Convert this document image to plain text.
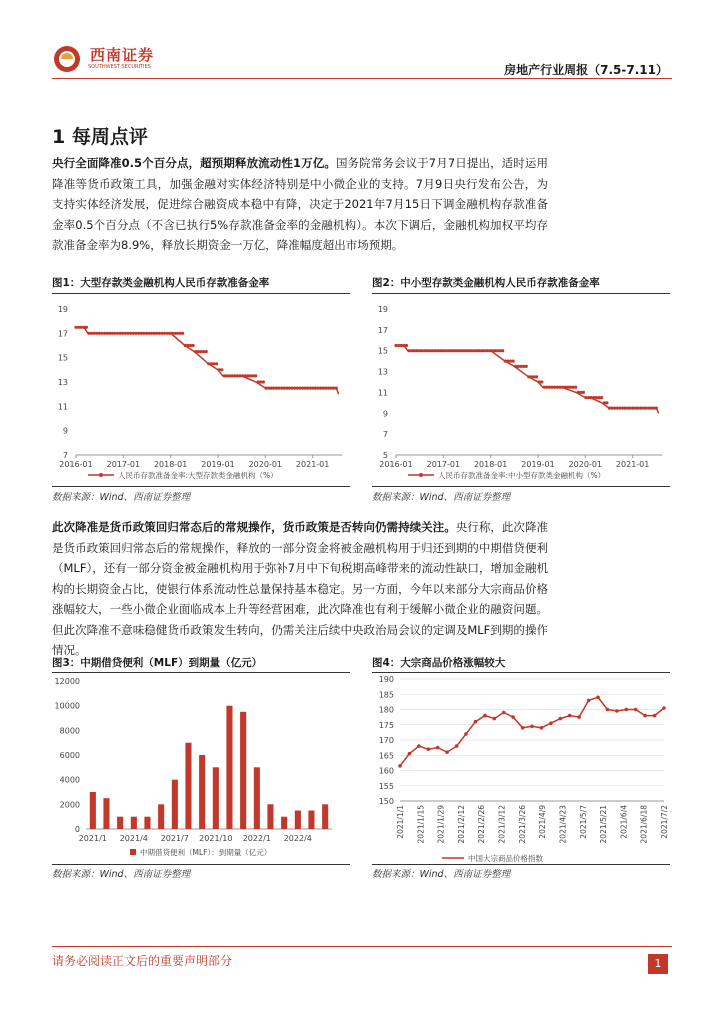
西南证券
SOUTHWEST SECURITIES	房地产行业周报（7.5-7.11）
1 每周点评

央行全面降准0.5个百分点，超预期释放流动性1万亿。国务院常务会议于7月7日提出，适时运用降准等货币政策工具，加强金融对实体经济特别是中小微企业的支持。7月9日央行发布公告，为支持实体经济发展，促进综合融资成本稳中有降，决定于2021年7月15日下调金融机构存款准备金率0.5个百分点（不含已执行5%存款准备金率的金融机构）。本次下调后，金融机构加权平均存款准备金率为8.9%，释放长期资金一万亿，降准幅度超出市场预期。

图1：大型存款类金融机构人民币存款准备金率
7
9
11
13
15
17
19
2016-01 2017-01 2018-01 2019-01 2020-01 2021-01
人民币存款准备金率:大型存款类金融机构（%）
数据来源：Wind、西南证券整理
图2：中小型存款类金融机构人民币存款准备金率
5
7
9
11
13
15
17
19
2016-01 2017-01 2018-01 2019-01 2020-01 2021-01
人民币存款准备金率:中小型存款类金融机构（%）
数据来源：Wind、西南证券整理

此次降准是货币政策回归常态后的常规操作，货币政策是否转向仍需持续关注。央行称，此次降准是货币政策回归常态后的常规操作，释放的一部分资金将被金融机构用于归还到期的中期借贷便利（MLF），还有一部分资金被金融机构用于弥补7月中下旬税期高峰带来的流动性缺口，增加金融机构的长期资金占比，使银行体系流动性总量保持基本稳定。另一方面，今年以来部分大宗商品价格涨幅较大，一些小微企业面临成本上升等经营困难，此次降准也有利于缓解小微企业的融资问题。但此次降准不意味稳健货币政策发生转向，仍需关注后续中央政治局会议的定调及MLF到期的操作情况。

图3：中期借贷便利（MLF）到期量（亿元）
0
2000
4000
6000
8000
10000
12000
2021/1 2021/4 2021/7 2021/10 2022/1 2022/4
中期借贷便利（MLF）：到期量（亿元）
数据来源：Wind、西南证券整理
图4：大宗商品价格涨幅较大
150
155
160
165
170
175
180
185
190
2021/1/1 2021/1/15 2021/1/29 2021/2/12 2021/2/26 2021/3/12 2021/3/26 2021/4/9 2021/4/23 2021/5/7 2021/5/21 2021/6/4 2021/6/18 2021/7/2
中国大宗商品价格指数
数据来源：Wind、西南证券整理
请务必阅读正文后的重要声明部分	1
